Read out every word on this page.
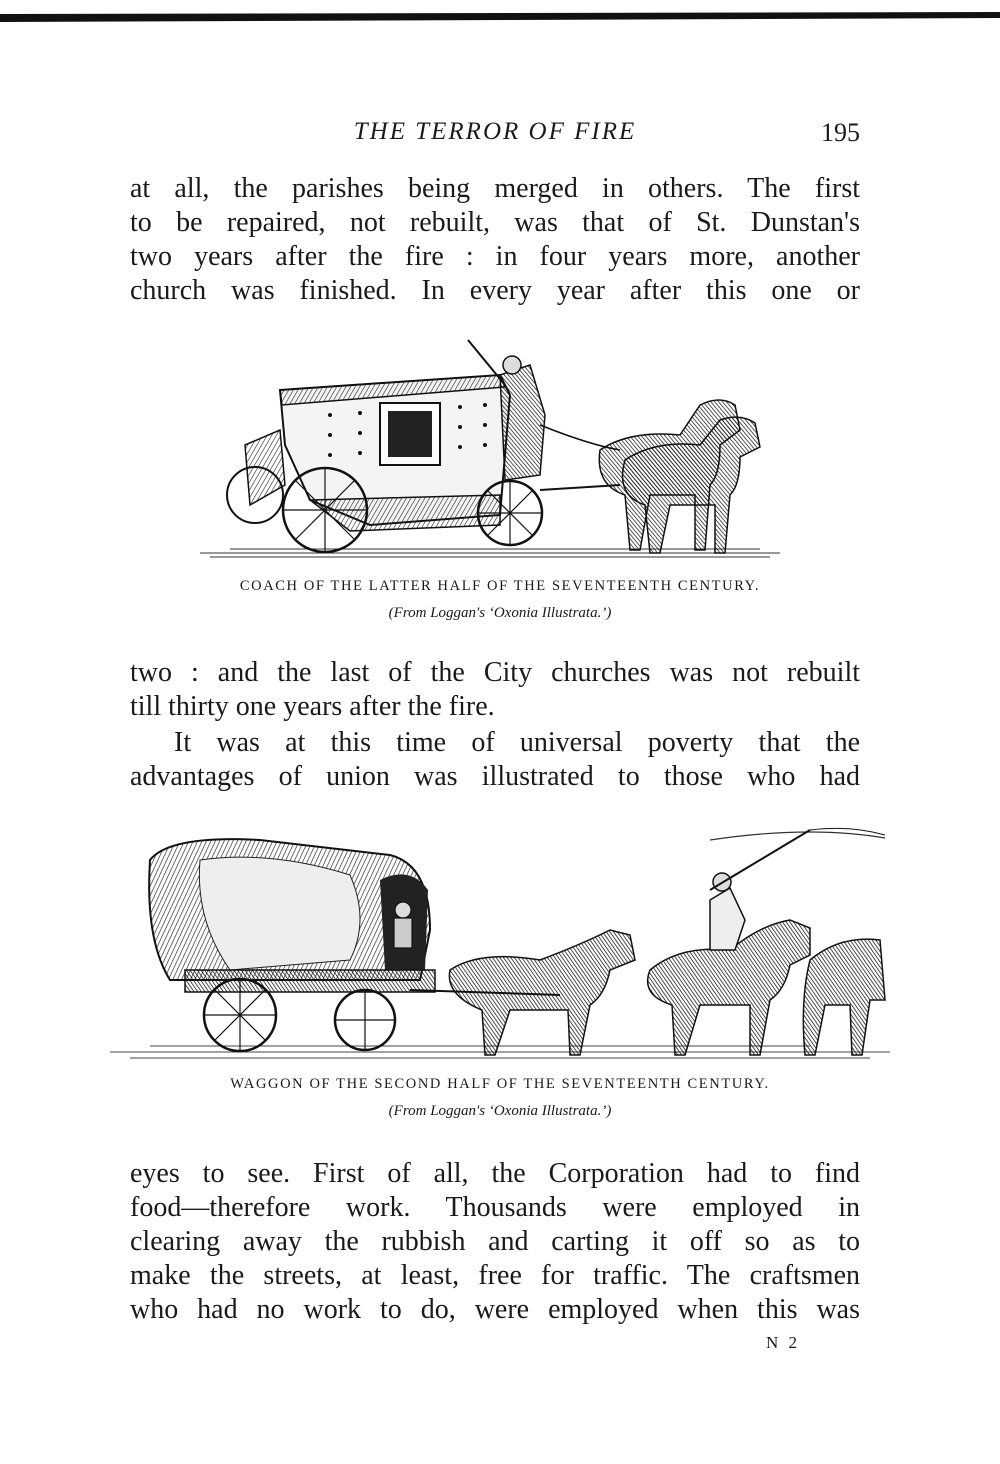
THE TERROR OF FIRE	195

at all, the parishes being merged in others. The first
to be repaired, not rebuilt, was that of St. Dunstan's
two years after the fire : in four years more, another
church was finished. In every year after this one or

COACH OF THE LATTER HALF OF THE SEVENTEENTH CENTURY.
(From Loggan's ‘Oxonia Illustrata.’)

two : and the last of the City churches was not rebuilt
till thirty one years after the fire.

It was at this time of universal poverty that the
advantages of union was illustrated to those who had

WAGGON OF THE SECOND HALF OF THE SEVENTEENTH CENTURY.
(From Loggan's ‘Oxonia Illustrata.’)

eyes to see. First of all, the Corporation had to find
food—therefore work. Thousands were employed in
clearing away the rubbish and carting it off so as to
make the streets, at least, free for traffic. The craftsmen
who had no work to do, were employed when this was

N 2
